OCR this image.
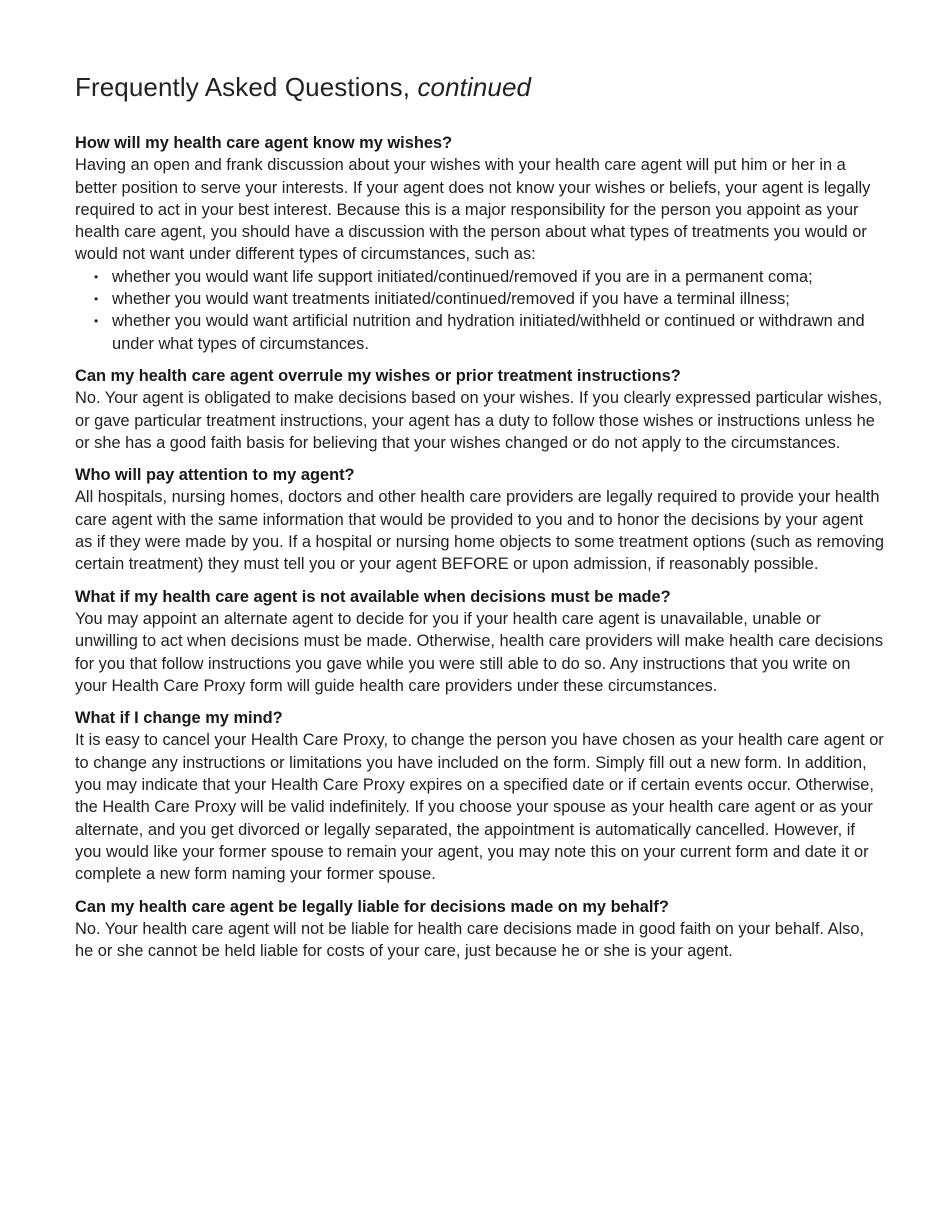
Frequently Asked Questions, continued

How will my health care agent know my wishes?

Having an open and frank discussion about your wishes with your health care agent will put him or her in a better position to serve your interests. If your agent does not know your wishes or beliefs, your agent is legally required to act in your best interest. Because this is a major responsibility for the person you appoint as your health care agent, you should have a discussion with the person about what types of treatments you would or would not want under different types of circumstances, such as:

• whether you would want life support initiated/continued/removed if you are in a permanent coma;
• whether you would want treatments initiated/continued/removed if you have a terminal illness;
• whether you would want artificial nutrition and hydration initiated/withheld or continued or withdrawn and under what types of circumstances.

Can my health care agent overrule my wishes or prior treatment instructions?

No. Your agent is obligated to make decisions based on your wishes. If you clearly expressed particular wishes, or gave particular treatment instructions, your agent has a duty to follow those wishes or instructions unless he or she has a good faith basis for believing that your wishes changed or do not apply to the circumstances.

Who will pay attention to my agent?

All hospitals, nursing homes, doctors and other health care providers are legally required to provide your health care agent with the same information that would be provided to you and to honor the decisions by your agent as if they were made by you. If a hospital or nursing home objects to some treatment options (such as removing certain treatment) they must tell you or your agent BEFORE or upon admission, if reasonably possible.

What if my health care agent is not available when decisions must be made?

You may appoint an alternate agent to decide for you if your health care agent is unavailable, unable or unwilling to act when decisions must be made. Otherwise, health care providers will make health care decisions for you that follow instructions you gave while you were still able to do so. Any instructions that you write on your Health Care Proxy form will guide health care providers under these circumstances.

What if I change my mind?

It is easy to cancel your Health Care Proxy, to change the person you have chosen as your health care agent or to change any instructions or limitations you have included on the form. Simply fill out a new form. In addition, you may indicate that your Health Care Proxy expires on a specified date or if certain events occur. Otherwise, the Health Care Proxy will be valid indefinitely. If you choose your spouse as your health care agent or as your alternate, and you get divorced or legally separated, the appointment is automatically cancelled. However, if you would like your former spouse to remain your agent, you may note this on your current form and date it or complete a new form naming your former spouse.

Can my health care agent be legally liable for decisions made on my behalf?

No. Your health care agent will not be liable for health care decisions made in good faith on your behalf. Also, he or she cannot be held liable for costs of your care, just because he or she is your agent.
